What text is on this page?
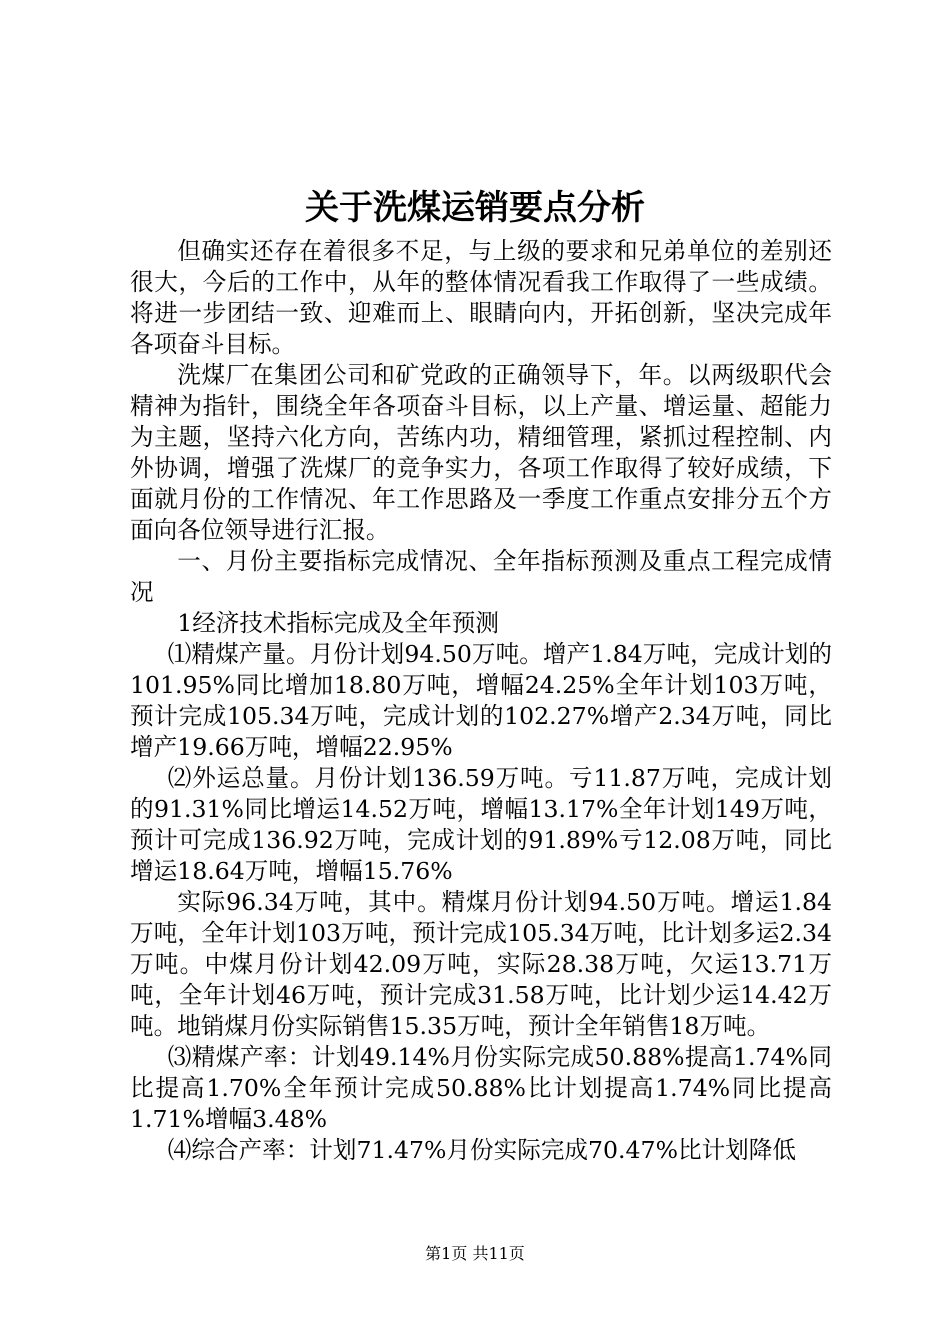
关于洗煤运销要点分析

但确实还存在着很多不足，与上级的要求和兄弟单位的差别还很大，今后的工作中，从年的整体情况看我工作取得了一些成绩。将进一步团结一致、迎难而上、眼睛向内，开拓创新，坚决完成年各项奋斗目标。

洗煤厂在集团公司和矿党政的正确领导下，年。以两级职代会精神为指针，围绕全年各项奋斗目标，以上产量、增运量、超能力为主题，坚持六化方向，苦练内功，精细管理，紧抓过程控制、内外协调，增强了洗煤厂的竞争实力，各项工作取得了较好成绩，下面就月份的工作情况、年工作思路及一季度工作重点安排分五个方面向各位领导进行汇报。

一、月份主要指标完成情况、全年指标预测及重点工程完成情况

1经济技术指标完成及全年预测

⑴精煤产量。月份计划94.50万吨。增产1.84万吨，完成计划的101.95%同比增加18.80万吨，增幅24.25%全年计划103万吨，预计完成105.34万吨，完成计划的102.27%增产2.34万吨，同比增产19.66万吨，增幅22.95%

⑵外运总量。月份计划136.59万吨。亏11.87万吨，完成计划的91.31%同比增运14.52万吨，增幅13.17%全年计划149万吨，预计可完成136.92万吨，完成计划的91.89%亏12.08万吨，同比增运18.64万吨，增幅15.76%

实际96.34万吨，其中。精煤月份计划94.50万吨。增运1.84万吨，全年计划103万吨，预计完成105.34万吨，比计划多运2.34万吨。中煤月份计划42.09万吨，实际28.38万吨，欠运13.71万吨，全年计划46万吨，预计完成31.58万吨，比计划少运14.42万吨。地销煤月份实际销售15.35万吨，预计全年销售18万吨。

⑶精煤产率：计划49.14%月份实际完成50.88%提高1.74%同比提高1.70%全年预计完成50.88%比计划提高1.74%同比提高1.71%增幅3.48%

⑷综合产率：计划71.47%月份实际完成70.47%比计划降低

第1页 共11页
